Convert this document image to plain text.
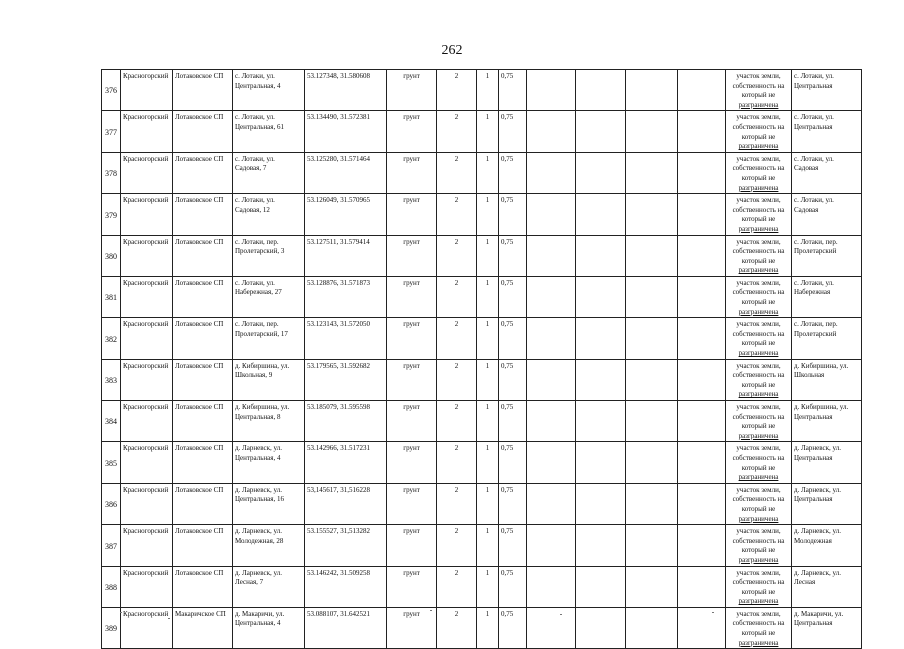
262
376	Красногорский	Лотаковское СП	с. Лотаки, ул.
Центральная, 4	53.127348, 31.580608	грунт	2	1	0,75					участок земли,
собственность на
который не
разграничена	с. Лотаки, ул.
Центральная

377	Красногорский	Лотаковское СП	с. Лотаки, ул.
Центральная, 61	53.134490, 31.572381	грунт	2	1	0,75					участок земли,
собственность на
который не
разграничена	с. Лотаки, ул.
Центральная

378	Красногорский	Лотаковское СП	с. Лотаки, ул.
Садовая, 7	53.125280, 31.571464	грунт	2	1	0,75					участок земли,
собственность на
который не
разграничена	с. Лотаки, ул.
Садовая

379	Красногорский	Лотаковское СП	с. Лотаки, ул.
Садовая, 12	53.126049, 31.570965	грунт	2	1	0,75					участок земли,
собственность на
который не
разграничена	с. Лотаки, ул.
Садовая

380	Красногорский	Лотаковское СП	с. Лотаки, пер.
Пролетарский, 3	53.127511, 31.579414	грунт	2	1	0,75					участок земли,
собственность на
который не
разграничена	с. Лотаки, пер.
Пролетарский

381	Красногорский	Лотаковское СП	с. Лотаки, ул.
Набережная, 27	53.128876, 31.571873	грунт	2	1	0,75					участок земли,
собственность на
который не
разграничена	с. Лотаки, ул.
Набережная

382	Красногорский	Лотаковское СП	с. Лотаки, пер.
Пролетарский, 17	53.123143, 31.572050	грунт	2	1	0,75					участок земли,
собственность на
который не
разграничена	с. Лотаки, пер.
Пролетарский

383	Красногорский	Лотаковское СП	д. Кибиршина, ул.
Школьная, 9	53.179565, 31.592682	грунт	2	1	0,75					участок земли,
собственность на
который не
разграничена	д. Кибиршина, ул.
Школьная

384	Красногорский	Лотаковское СП	д. Кибиршина, ул.
Центральная, 8	53.185079, 31.595598	грунт	2	1	0,75					участок земли,
собственность на
который не
разграничена	д. Кибиршина, ул.
Центральная

385	Красногорский	Лотаковское СП	д. Ларневск, ул.
Центральная, 4	53.142966, 31.517231	грунт	2	1	0,75					участок земли,
собственность на
который не
разграничена	д. Ларневск, ул.
Центральная

386	Красногорский	Лотаковское СП	д. Ларневск, ул.
Центральная, 16	53,145617, 31,516228	грунт	2	1	0,75					участок земли,
собственность на
который не
разграничена	д. Ларневск, ул.
Центральная

387	Красногорский	Лотаковское СП	д. Ларневск, ул.
Молодежная, 28	53.155527, 31,513282	грунт	2	1	0,75					участок земли,
собственность на
который не
разграничена	д. Ларневск, ул.
Молодежная

388	Красногорский	Лотаковское СП	д. Ларневск, ул.
Лесная, 7	53.146242, 31.509258	грунт	2	1	0,75					участок земли,
собственность на
который не
разграничена	д. Ларневск, ул.
Лесная

389	Красногорский	Макаричское СП	д. Макаричи, ул.
Центральная, 4	53.088107, 31.642521	грунт	2	1	0,75					участок земли,
собственность на
который не
разграничена	д. Макаричи, ул.
Центральная
